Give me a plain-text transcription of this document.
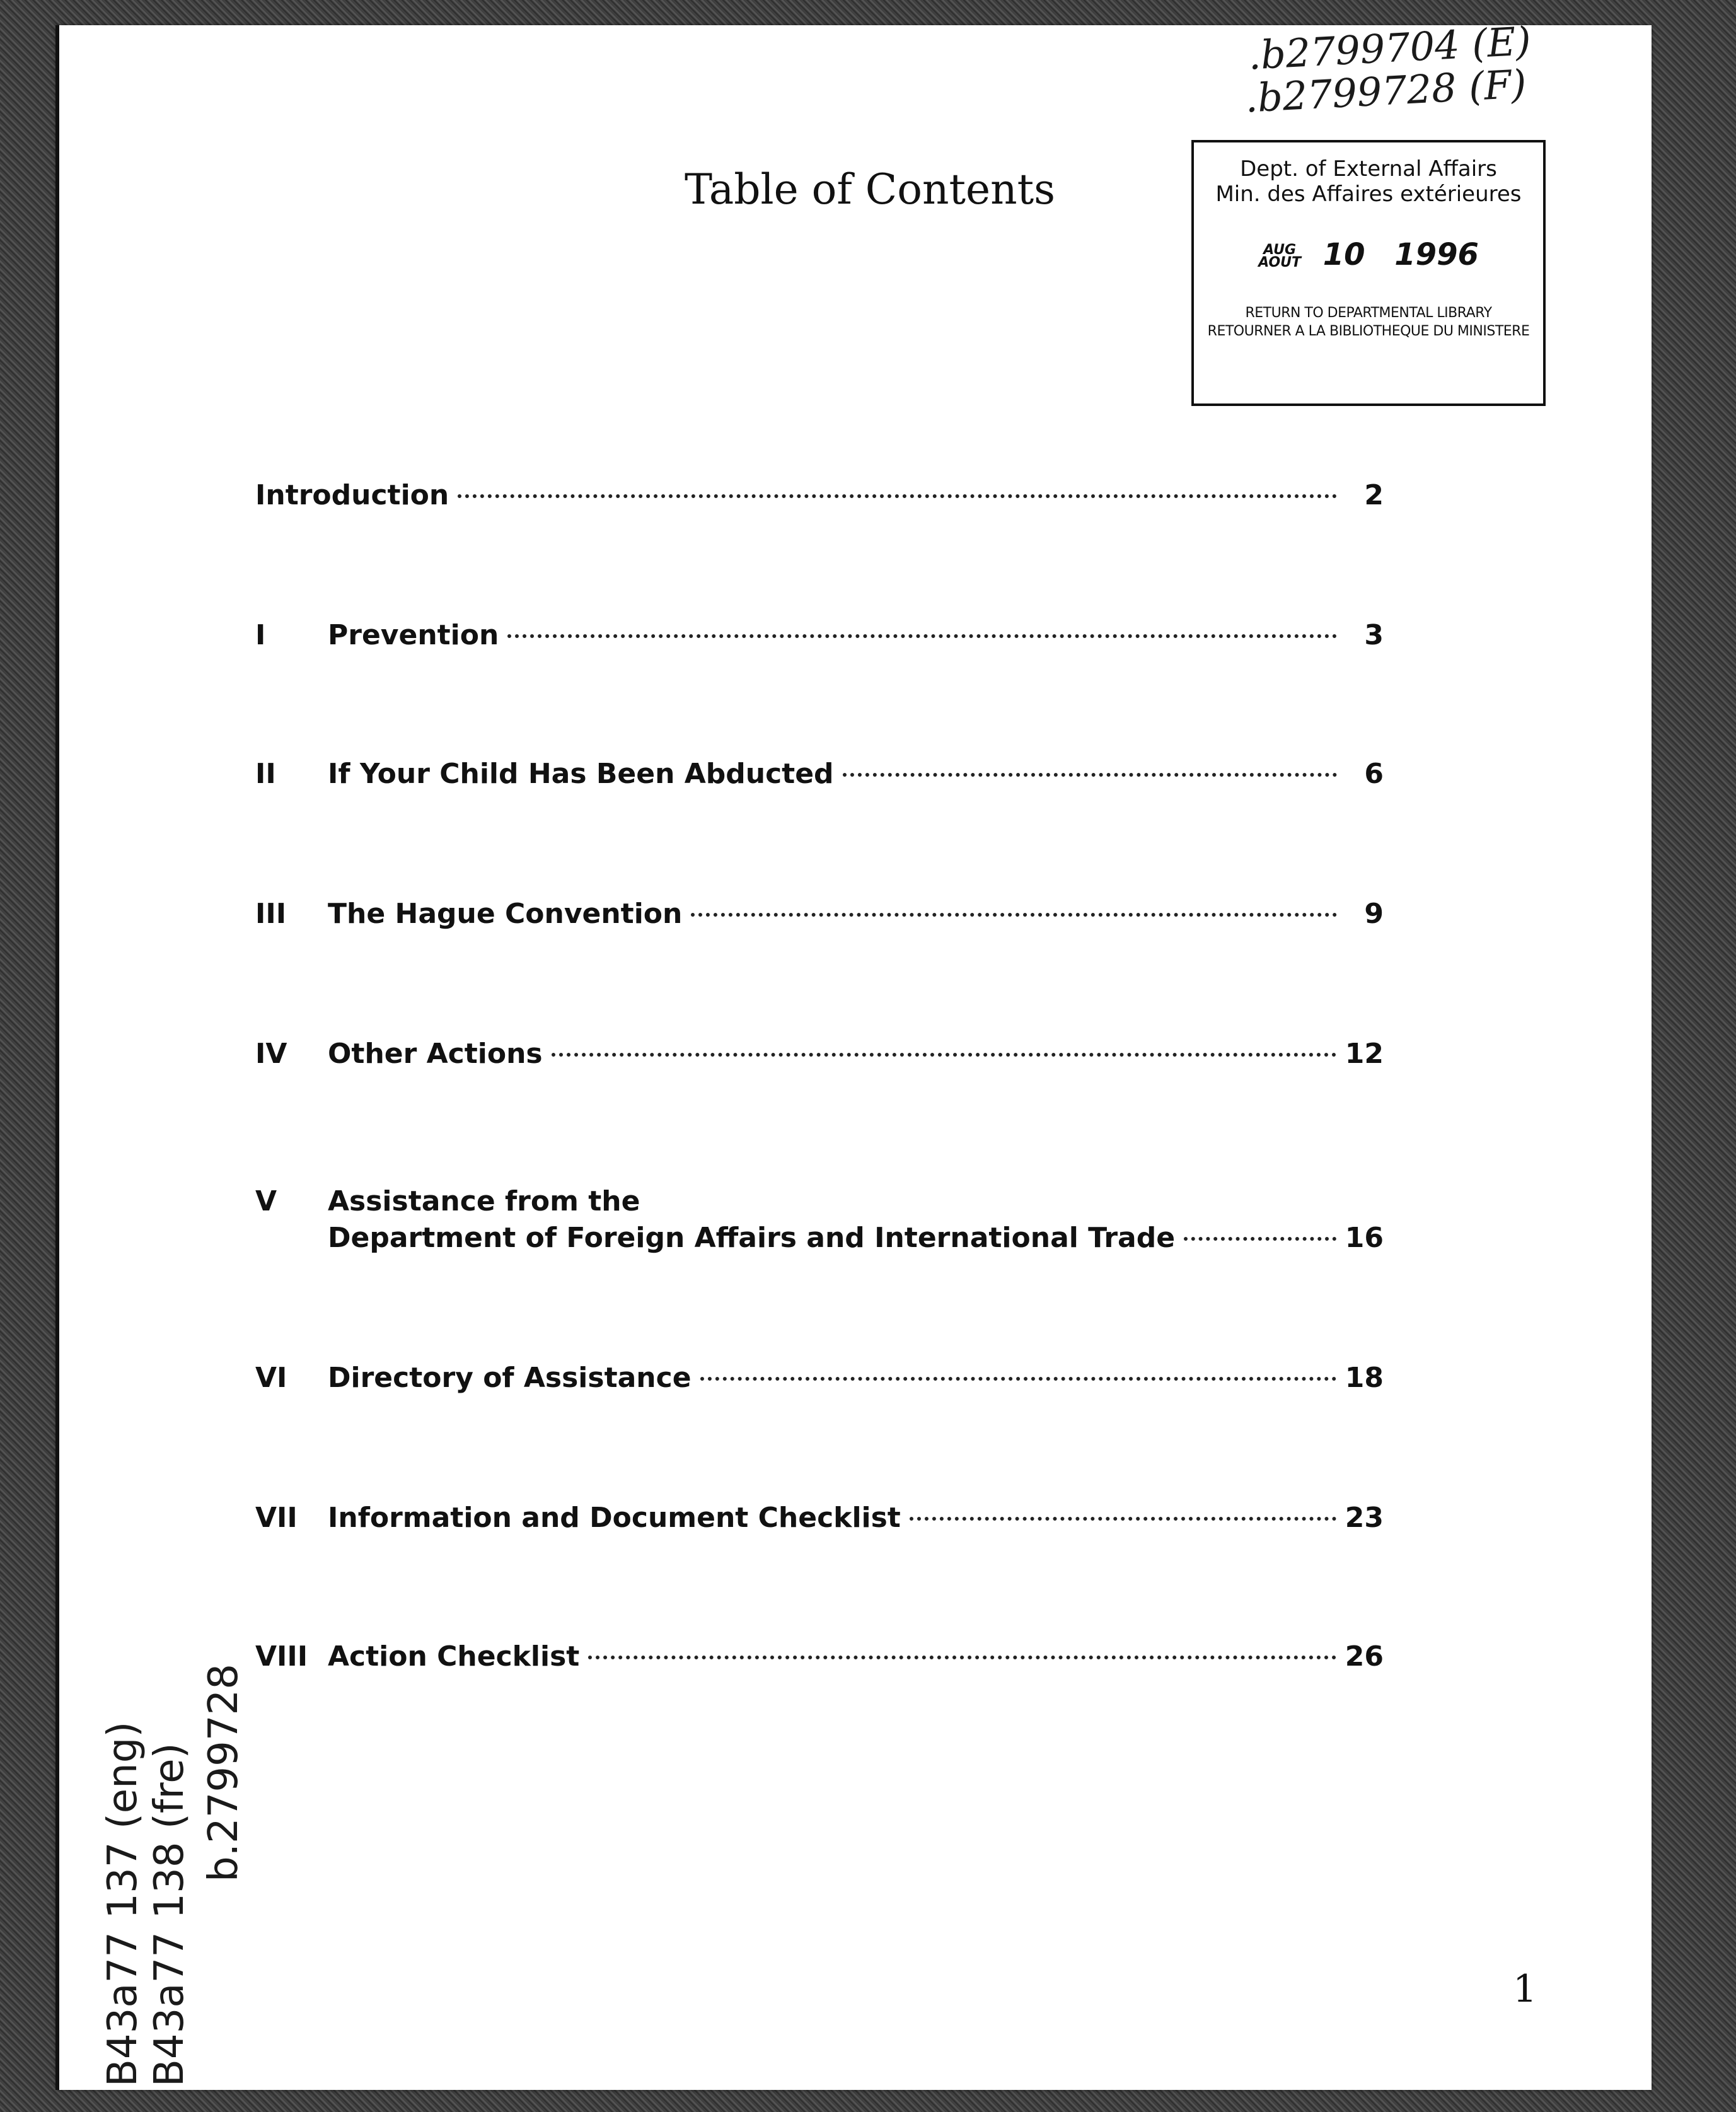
.b2799704 (E)
.b2799728 (F)
B43a77 137 (eng) B43a77 138 (fre) b.2799728
Table of Contents	Dept. of External Affairs
Min. des Affaires extérieures
AUG
AOUT 10 1996
RETURN TO DEPARTMENTAL LIBRARY
RETOURNER A LA BIBLIOTHEQUE DU MINISTERE
Introduction	2
I Prevention	3
II If Your Child Has Been Abducted	6
III The Hague Convention	9
IV Other Actions	12
V Assistance from the
Department of Foreign Affairs and International Trade	16
VI Directory of Assistance	18
VII Information and Document Checklist	23
VIII Action Checklist	26
1
